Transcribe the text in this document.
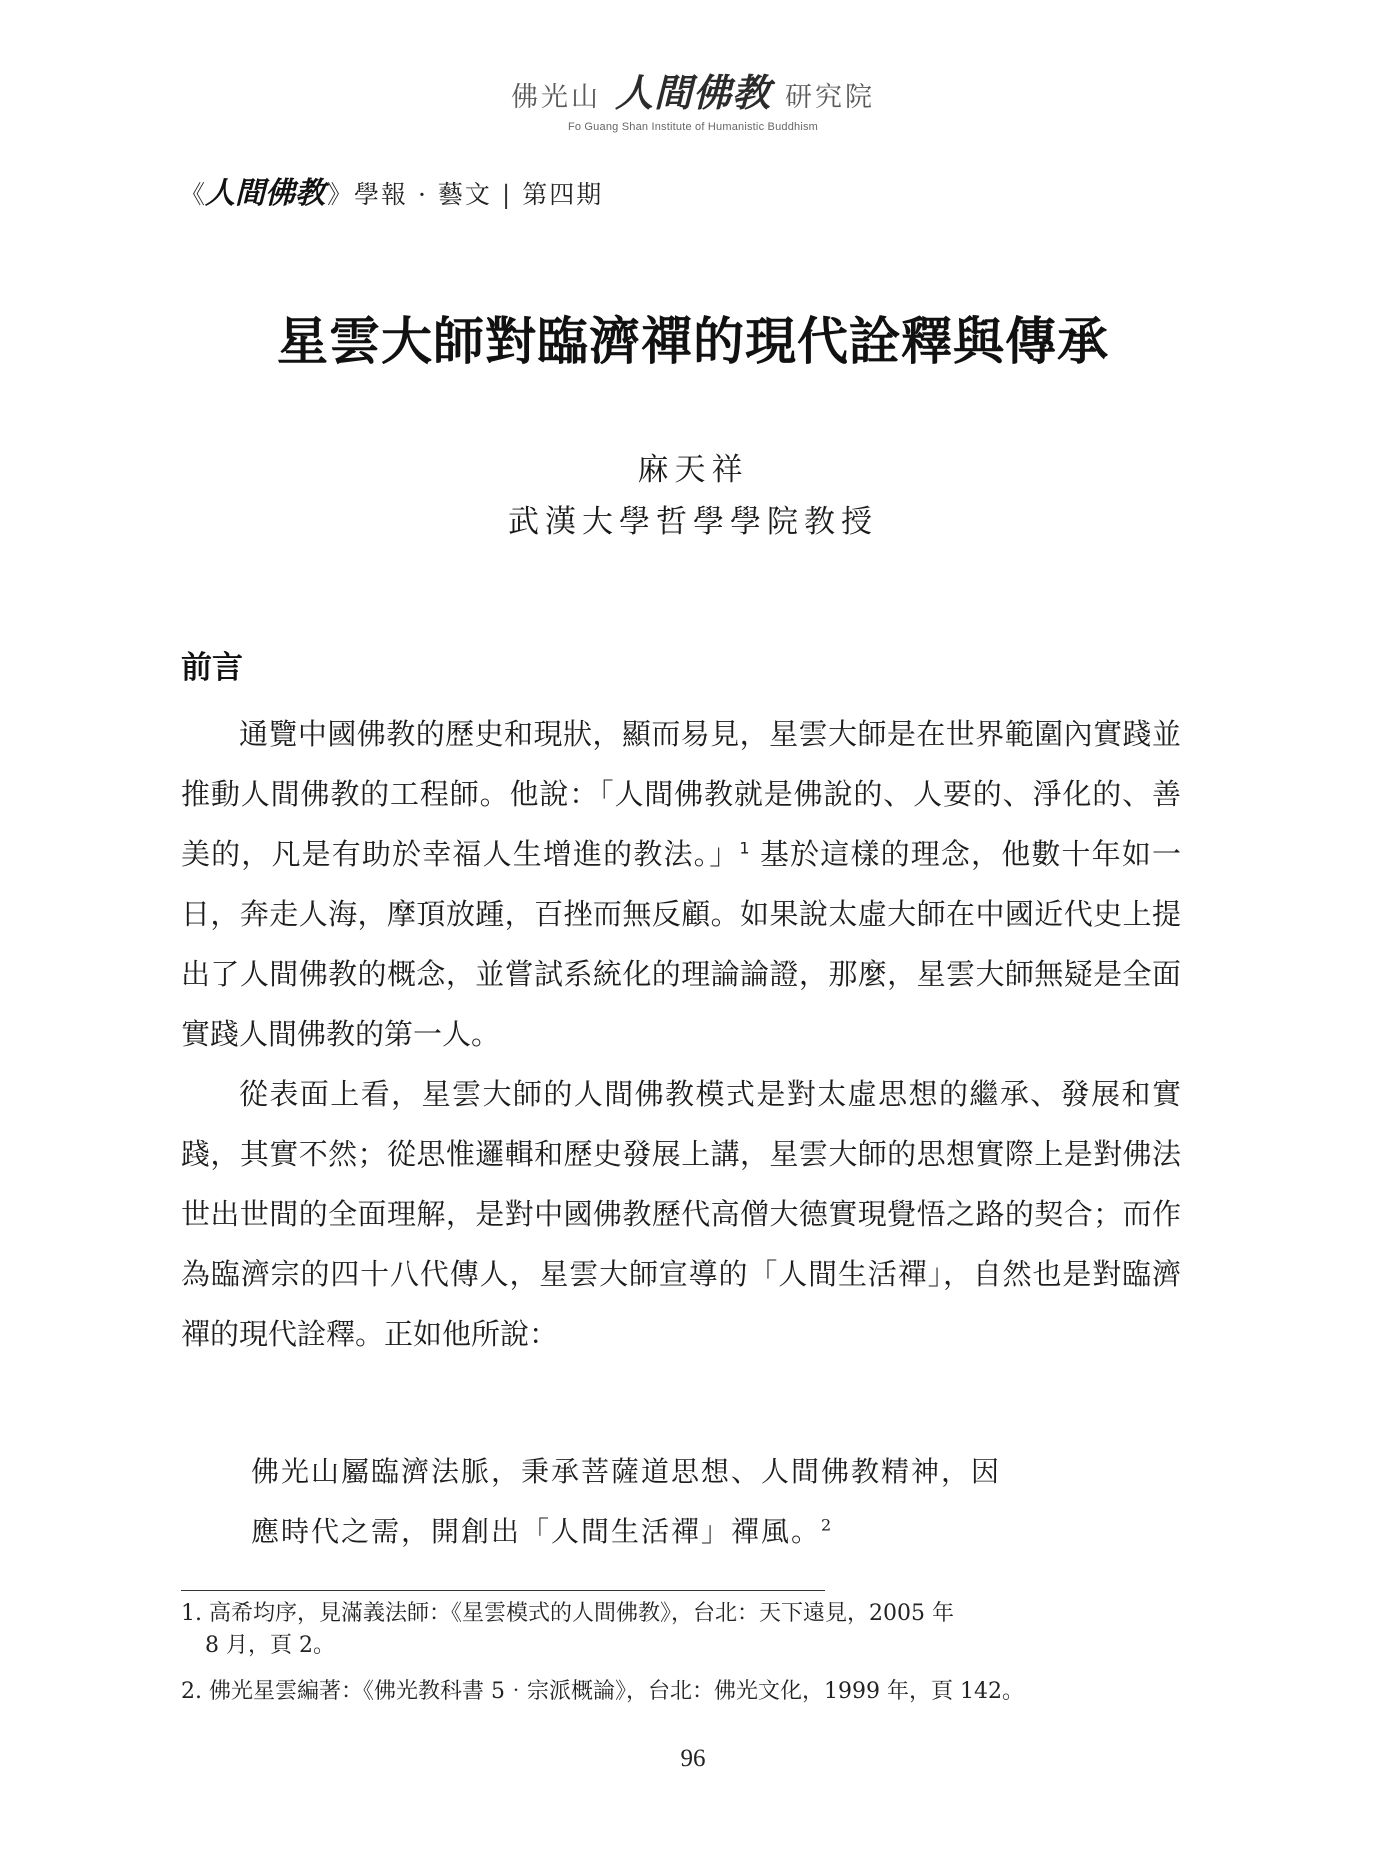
佛光山 人間佛教 研究院
Fo Guang Shan Institute of Humanistic Buddhism
《 人間佛教 》學報 · 藝文 | 第四期
星雲大師對臨濟禪的現代詮釋與傳承
麻天祥
武漢大學哲學學院教授
前言

通覽中國佛教的歷史和現狀，顯而易見，星雲大師是在世界範圍內實踐並推動人間佛教的工程師。他說：「人間佛教就是佛說的、人要的、淨化的、善美的，凡是有助於幸福人生增進的教法。」$^1$ 基於這樣的理念，他數十年如一日，奔走人海，摩頂放踵，百挫而無反顧。如果說太虛大師在中國近代史上提出了人間佛教的概念，並嘗試系統化的理論論證，那麼，星雲大師無疑是全面實踐人間佛教的第一人。

從表面上看，星雲大師的人間佛教模式是對太虛思想的繼承、發展和實踐，其實不然；從思惟邏輯和歷史發展上講，星雲大師的思想實際上是對佛法世出世間的全面理解，是對中國佛教歷代高僧大德實現覺悟之路的契合；而作為臨濟宗的四十八代傳人，星雲大師宣導的「人間生活禪」，自然也是對臨濟禪的現代詮釋。正如他所說：

佛光山屬臨濟法脈，秉承菩薩道思想、人間佛教精神，因
應時代之需，開創出「人間生活禪」禪風。$^2$
1. 高希均序，見滿義法師：《星雲模式的人間佛教》，台北：天下遠見，2005 年
8 月，頁 2。
2. 佛光星雲編著：《佛光教科書 5‧宗派概論》，台北：佛光文化，1999 年，頁 142。
96
